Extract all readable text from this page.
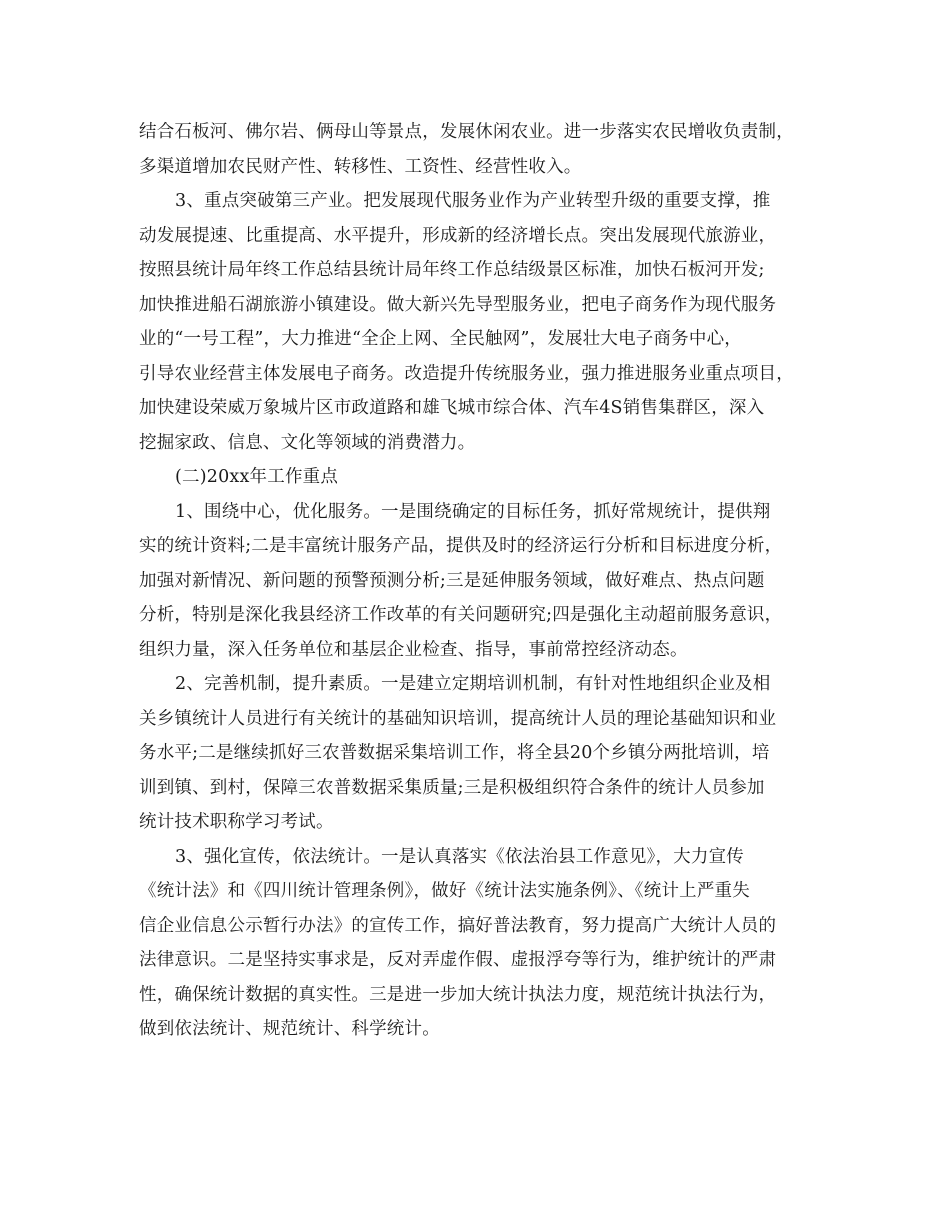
结合石板河、佛尔岩、俩母山等景点，发展休闲农业。进一步落实农民增收负责制，
多渠道增加农民财产性、转移性、工资性、经营性收入。
3、重点突破第三产业。把发展现代服务业作为产业转型升级的重要支撑，推
动发展提速、比重提高、水平提升，形成新的经济增长点。突出发展现代旅游业，
按照县统计局年终工作总结县统计局年终工作总结级景区标准，加快石板河开发;
加快推进船石湖旅游小镇建设。做大新兴先导型服务业，把电子商务作为现代服务
业的“一号工程”，大力推进“全企上网、全民触网”，发展壮大电子商务中心，
引导农业经营主体发展电子商务。改造提升传统服务业，强力推进服务业重点项目，
加快建设荣威万象城片区市政道路和雄飞城市综合体、汽车4S销售集群区，深入
挖掘家政、信息、文化等领域的消费潜力。
(二)20xx年工作重点
1、围绕中心，优化服务。一是围绕确定的目标任务，抓好常规统计，提供翔
实的统计资料;二是丰富统计服务产品，提供及时的经济运行分析和目标进度分析，
加强对新情况、新问题的预警预测分析;三是延伸服务领域，做好难点、热点问题
分析，特别是深化我县经济工作改革的有关问题研究;四是强化主动超前服务意识，
组织力量，深入任务单位和基层企业检查、指导，事前常控经济动态。
2、完善机制，提升素质。一是建立定期培训机制，有针对性地组织企业及相
关乡镇统计人员进行有关统计的基础知识培训，提高统计人员的理论基础知识和业
务水平;二是继续抓好三农普数据采集培训工作，将全县20个乡镇分两批培训，培
训到镇、到村，保障三农普数据采集质量;三是积极组织符合条件的统计人员参加
统计技术职称学习考试。
3、强化宣传，依法统计。一是认真落实《依法治县工作意见》，大力宣传
《统计法》和《四川统计管理条例》，做好《统计法实施条例》、《统计上严重失
信企业信息公示暂行办法》的宣传工作，搞好普法教育，努力提高广大统计人员的
法律意识。二是坚持实事求是，反对弄虚作假、虚报浮夸等行为，维护统计的严肃
性，确保统计数据的真实性。三是进一步加大统计执法力度，规范统计执法行为，
做到依法统计、规范统计、科学统计。
